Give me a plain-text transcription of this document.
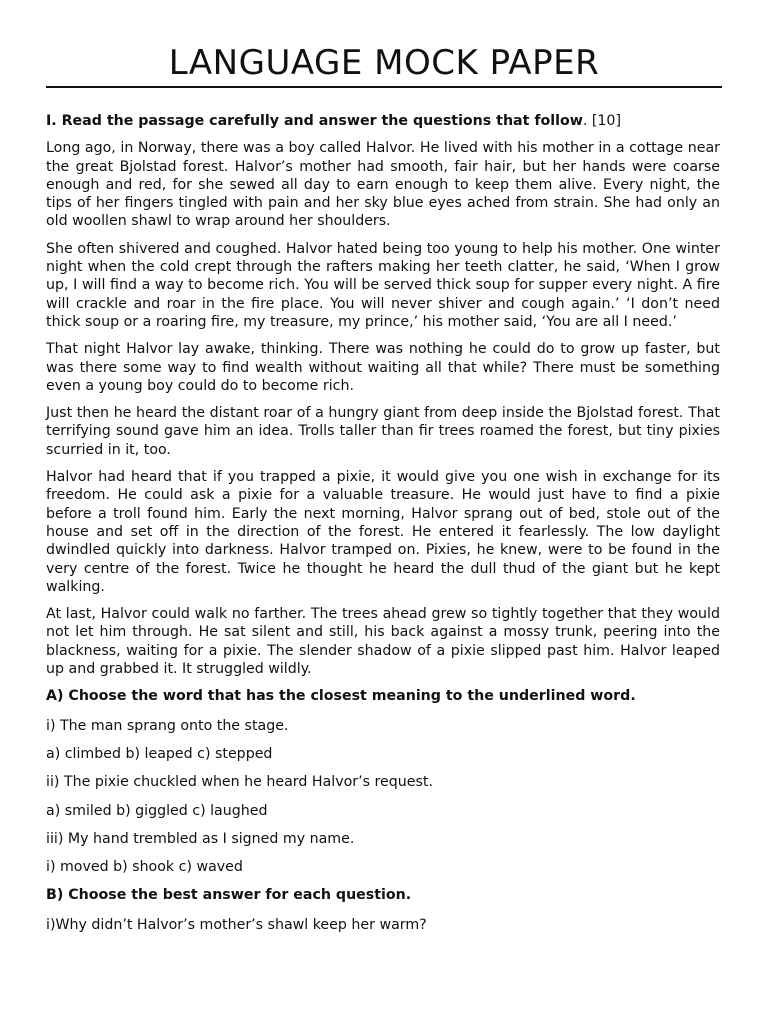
LANGUAGE MOCK PAPER

I. Read the passage carefully and answer the questions that follow. [10]

Long ago, in Norway, there was a boy called Halvor. He lived with his mother in a cottage near the great Bjolstad forest. Halvor’s mother had smooth, fair hair, but her hands were coarse enough and red, for she sewed all day to earn enough to keep them alive. Every night, the tips of her fingers tingled with pain and her sky blue eyes ached from strain. She had only an old woollen shawl to wrap around her shoulders.

She often shivered and coughed. Halvor hated being too young to help his mother. One winter night when the cold crept through the rafters making her teeth clatter, he said, ‘When I grow up, I will find a way to become rich. You will be served thick soup for supper every night. A fire will crackle and roar in the fire place. You will never shiver and cough again.’ ‘I don’t need thick soup or a roaring fire, my treasure, my prince,’ his mother said, ‘You are all I need.’

That night Halvor lay awake, thinking. There was nothing he could do to grow up faster, but was there some way to find wealth without waiting all that while? There must be something even a young boy could do to become rich.

Just then he heard the distant roar of a hungry giant from deep inside the Bjolstad forest. That terrifying sound gave him an idea. Trolls taller than fir trees roamed the forest, but tiny pixies scurried in it, too.

Halvor had heard that if you trapped a pixie, it would give you one wish in exchange for its freedom. He could ask a pixie for a valuable treasure. He would just have to find a pixie before a troll found him. Early the next morning, Halvor sprang out of bed, stole out of the house and set off in the direction of the forest. He entered it fearlessly. The low daylight dwindled quickly into darkness. Halvor tramped on. Pixies, he knew, were to be found in the very centre of the forest. Twice he thought he heard the dull thud of the giant but he kept walking.

At last, Halvor could walk no farther. The trees ahead grew so tightly together that they would not let him through. He sat silent and still, his back against a mossy trunk, peering into the blackness, waiting for a pixie. The slender shadow of a pixie slipped past him. Halvor leaped up and grabbed it. It struggled wildly.

A) Choose the word that has the closest meaning to the underlined word.

i) The man sprang onto the stage.

a) climbed b) leaped c) stepped

ii) The pixie chuckled when he heard Halvor’s request.

a) smiled b) giggled c) laughed

iii) My hand trembled as I signed my name.

i) moved b) shook c) waved

B) Choose the best answer for each question.

i)Why didn’t Halvor’s mother’s shawl keep her warm?
